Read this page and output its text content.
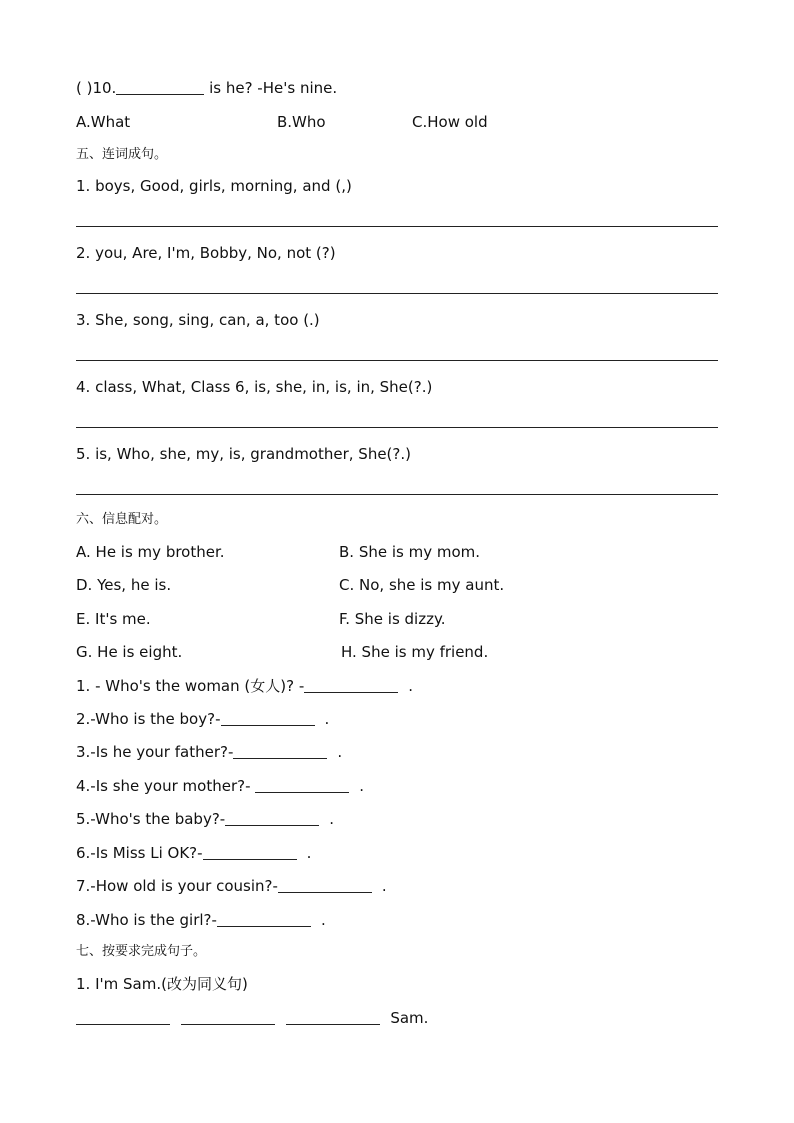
( )10.	is he? -He's nine.
A.What	B.Who	C.How old
五、连词成句。
1. boys, Good, girls, morning, and (,)
2. you, Are, I'm, Bobby, No, not (?)
3. She, song, sing, can, a, too (.)
4. class, What, Class 6, is, she, in, is, in, She(?.)
5. is, Who, she, my, is, grandmother, She(?.)
六、信息配对。
A. He is my brother.	B. She is my mom.
D. Yes, he is.	C. No, she is my aunt.
E. It's me.	F. She is dizzy.
G. He is eight.	H. She is my friend.
1. - Who's the woman (女人)? -	.
2.-Who is the boy?-	.
3.-Is he your father?-	.
4.-Is she your mother?-	.
5.-Who's the baby?-	.
6.-Is Miss Li OK?-	.
7.-How old is your cousin?-	.
8.-Who is the girl?-	.
七、按要求完成句子。
1. I'm Sam.(改为同义句)
Sam.
